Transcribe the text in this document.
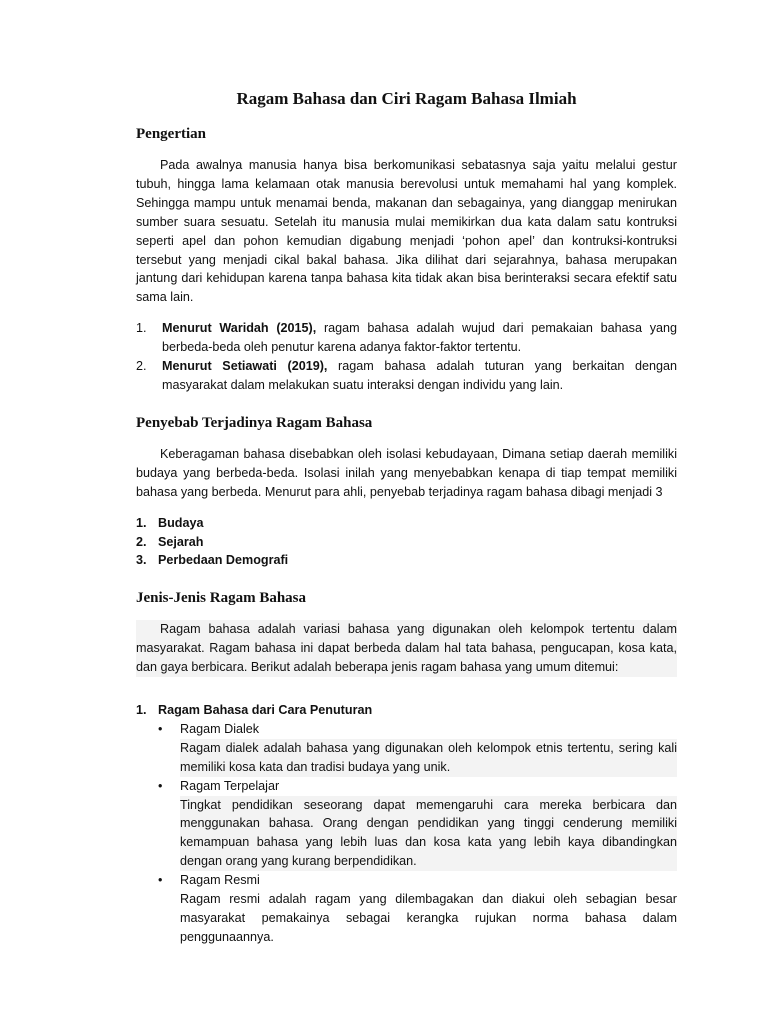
Ragam Bahasa dan Ciri Ragam Bahasa Ilmiah
Pengertian

Pada awalnya manusia hanya bisa berkomunikasi sebatasnya saja yaitu melalui gestur tubuh, hingga lama kelamaan otak manusia berevolusi untuk memahami hal yang komplek. Sehingga mampu untuk menamai benda, makanan dan sebagainya, yang dianggap menirukan sumber suara sesuatu. Setelah itu manusia mulai memikirkan dua kata dalam satu kontruksi seperti apel dan pohon kemudian digabung menjadi ‘pohon apel’ dan kontruksi-kontruksi tersebut yang menjadi cikal bakal bahasa. Jika dilihat dari sejarahnya, bahasa merupakan jantung dari kehidupan karena tanpa bahasa kita tidak akan bisa berinteraksi secara efektif satu sama lain.

1. Menurut Waridah (2015), ragam bahasa adalah wujud dari pemakaian bahasa yang berbeda-beda oleh penutur karena adanya faktor-faktor tertentu.
2. Menurut Setiawati (2019), ragam bahasa adalah tuturan yang berkaitan dengan masyarakat dalam melakukan suatu interaksi dengan individu yang lain.
Penyebab Terjadinya Ragam Bahasa

Keberagaman bahasa disebabkan oleh isolasi kebudayaan, Dimana setiap daerah memiliki budaya yang berbeda-beda. Isolasi inilah yang menyebabkan kenapa di tiap tempat memiliki bahasa yang berbeda. Menurut para ahli, penyebab terjadinya ragam bahasa dibagi menjadi 3

1. Budaya
2. Sejarah
3. Perbedaan Demografi
Jenis-Jenis Ragam Bahasa

Ragam bahasa adalah variasi bahasa yang digunakan oleh kelompok tertentu dalam masyarakat. Ragam bahasa ini dapat berbeda dalam hal tata bahasa, pengucapan, kosa kata, dan gaya berbicara. Berikut adalah beberapa jenis ragam bahasa yang umum ditemui:

1. Ragam Bahasa dari Cara Penuturan
• Ragam Dialek
Ragam dialek adalah bahasa yang digunakan oleh kelompok etnis tertentu, sering kali memiliki kosa kata dan tradisi budaya yang unik.
• Ragam Terpelajar
Tingkat pendidikan seseorang dapat memengaruhi cara mereka berbicara dan menggunakan bahasa. Orang dengan pendidikan yang tinggi cenderung memiliki kemampuan bahasa yang lebih luas dan kosa kata yang lebih kaya dibandingkan dengan orang yang kurang berpendidikan.
• Ragam Resmi
Ragam resmi adalah ragam yang dilembagakan dan diakui oleh sebagian besar masyarakat pemakainya sebagai kerangka rujukan norma bahasa dalam penggunaannya.
